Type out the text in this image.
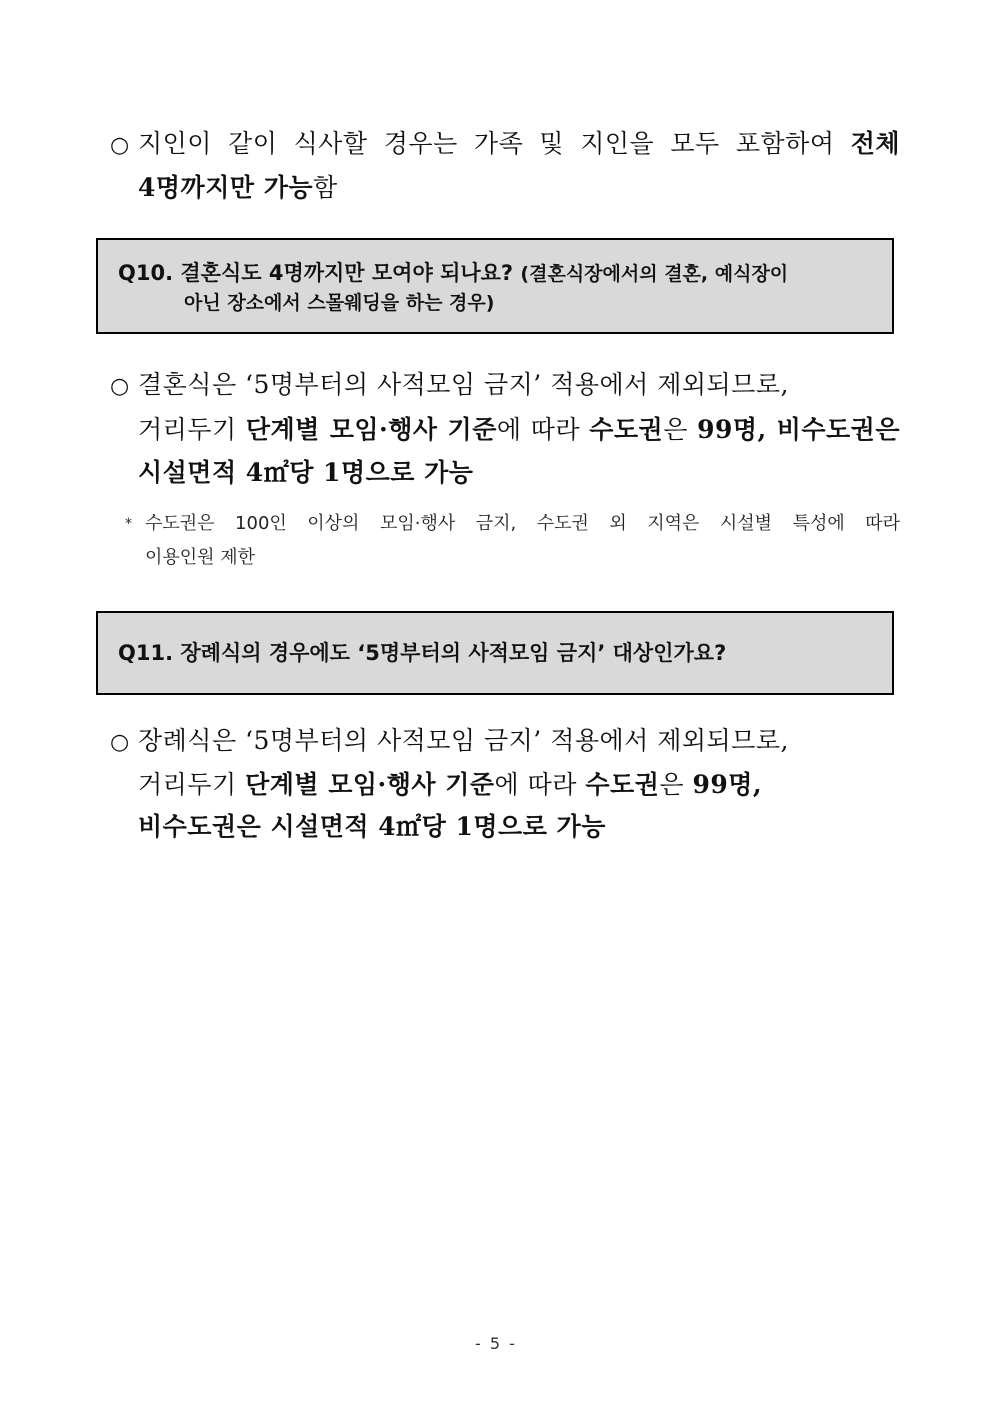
○ 지인이 같이 식사할 경우는 가족 및 지인을 모두 포함하여 전체
4명까지만 가능함
Q10. 결혼식도 4명까지만 모여야 되나요? (결혼식장에서의 결혼, 예식장이
아닌 장소에서 스몰웨딩을 하는 경우)
○ 결혼식은 ‘5명부터의 사적모임 금지’ 적용에서 제외되므로,
거리두기 단계별 모임·행사 기준에 따라 수도권은 99명, 비수도권은
시설면적 4㎡당 1명으로 가능
* 수도권은 100인 이상의 모임·행사 금지, 수도권 외 지역은 시설별 특성에 따라
이용인원 제한
Q11. 장례식의 경우에도 ‘5명부터의 사적모임 금지’ 대상인가요?
○ 장례식은 ‘5명부터의 사적모임 금지’ 적용에서 제외되므로,
거리두기 단계별 모임·행사 기준에 따라 수도권은 99명,
비수도권은 시설면적 4㎡당 1명으로 가능
- 5 -
